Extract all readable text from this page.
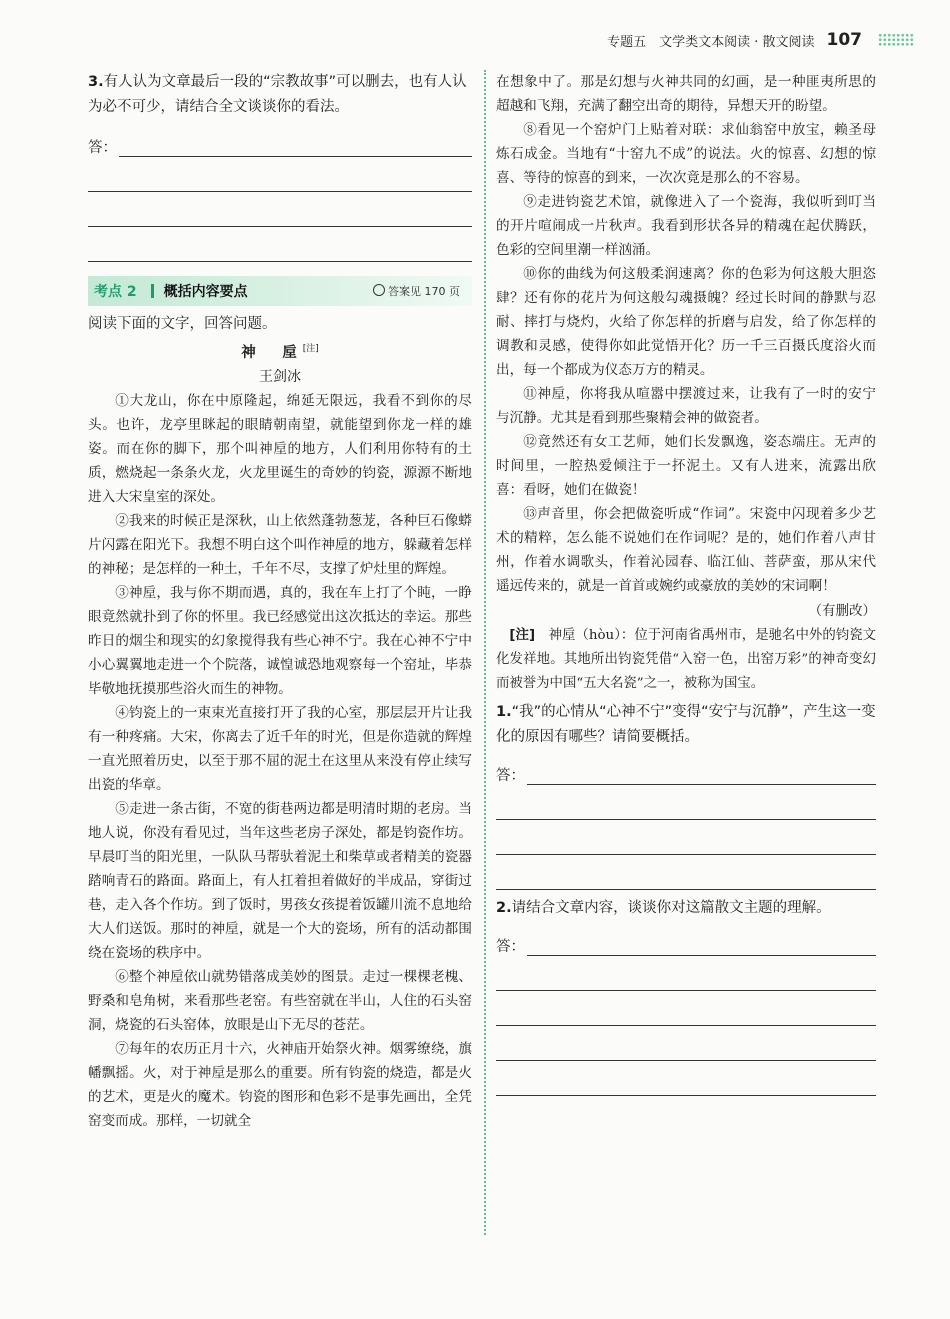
专题五　文学类文本阅读 · 散文阅读 107

3.有人认为文章最后一段的“宗教故事”可以删去，也有人认为必不可少，请结合全文谈谈你的看法。

答：
考点 2 概括内容要点	答案见 170 页

阅读下面的文字，回答问题。

神　垕[注]

王剑冰

①大龙山，你在中原隆起，绵延无限远，我看不到你的尽头。也许，龙亭里眯起的眼睛朝南望，就能望到你龙一样的雄姿。而在你的脚下，那个叫神垕的地方，人们利用你特有的土质，燃烧起一条条火龙，火龙里诞生的奇妙的钧瓷，源源不断地进入大宋皇室的深处。

②我来的时候正是深秋，山上依然蓬勃葱茏，各种巨石像蟒片闪露在阳光下。我想不明白这个叫作神垕的地方，躲藏着怎样的神秘；是怎样的一种土，千年不尽，支撑了炉灶里的辉煌。

③神垕，我与你不期而遇，真的，我在车上打了个盹，一睁眼竟然就扑到了你的怀里。我已经感觉出这次抵达的幸运。那些昨日的烟尘和现实的幻象搅得我有些心神不宁。我在心神不宁中小心翼翼地走进一个个院落，诚惶诚恐地观察每一个窑址，毕恭毕敬地抚摸那些浴火而生的神物。

④钧瓷上的一束束光直接打开了我的心室，那层层开片让我有一种疼痛。大宋，你离去了近千年的时光，但是你造就的辉煌一直光照着历史，以至于那不屈的泥土在这里从来没有停止续写出瓷的华章。

⑤走进一条古街，不宽的街巷两边都是明清时期的老房。当地人说，你没有看见过，当年这些老房子深处，都是钧瓷作坊。早晨叮当的阳光里，一队队马帮驮着泥土和柴草或者精美的瓷器踏响青石的路面。路面上，有人扛着担着做好的半成品，穿街过巷，走入各个作坊。到了饭时，男孩女孩提着饭罐川流不息地给大人们送饭。那时的神垕，就是一个大的瓷场，所有的活动都围绕在瓷场的秩序中。

⑥整个神垕依山就势错落成美妙的图景。走过一棵棵老槐、野桑和皂角树，来看那些老窑。有些窑就在半山，人住的石头窑洞，烧瓷的石头窑体，放眼是山下无尽的苍茫。

⑦每年的农历正月十六，火神庙开始祭火神。烟雾缭绕，旗幡飘摇。火，对于神垕是那么的重要。所有钧瓷的烧造，都是火的艺术，更是火的魔术。钧瓷的图形和色彩不是事先画出，全凭窑变而成。那样，一切就全

在想象中了。那是幻想与火神共同的幻画，是一种匪夷所思的超越和飞翔，充满了翻空出奇的期待，异想天开的盼望。

⑧看见一个窑炉门上贴着对联：求仙翁窑中放宝，赖圣母炼石成金。当地有“十窑九不成”的说法。火的惊喜、幻想的惊喜、等待的惊喜的到来，一次次竟是那么的不容易。

⑨走进钧瓷艺术馆，就像进入了一个瓷海，我似听到叮当的开片喧闹成一片秋声。我看到形状各异的精魂在起伏腾跃，色彩的空间里潮一样汹涌。

⑩你的曲线为何这般柔润速离？你的色彩为何这般大胆恣肆？还有你的花片为何这般勾魂摄魄？经过长时间的静默与忍耐、摔打与烧灼，火给了你怎样的折磨与启发，给了你怎样的调教和灵感，使得你如此觉悟开化？历一千三百摄氏度浴火而出，每一个都成为仪态万方的精灵。

⑪神垕，你将我从喧嚣中摆渡过来，让我有了一时的安宁与沉静。尤其是看到那些聚精会神的做瓷者。

⑫竟然还有女工艺师，她们长发飘逸，姿态端庄。无声的时间里，一腔热爱倾注于一抔泥土。又有人进来，流露出欣喜：看呀，她们在做瓷！

⑬声音里，你会把做瓷听成“作词”。宋瓷中闪现着多少艺术的精粹，怎么能不说她们在作词呢？是的，她们作着八声甘州，作着水调歌头，作着沁园春、临江仙、菩萨蛮，那从宋代遥远传来的，就是一首首或婉约或豪放的美妙的宋词啊！

（有删改）

[注]　 神垕（hòu）：位于河南省禹州市，是驰名中外的钧瓷文化发祥地。其地所出钧瓷凭借“入窑一色，出窑万彩”的神奇变幻而被誉为中国“五大名瓷”之一，被称为国宝。

1.“我”的心情从“心神不宁”变得“安宁与沉静”，产生这一变化的原因有哪些？请简要概括。

答：

2.请结合文章内容，谈谈你对这篇散文主题的理解。

答：
